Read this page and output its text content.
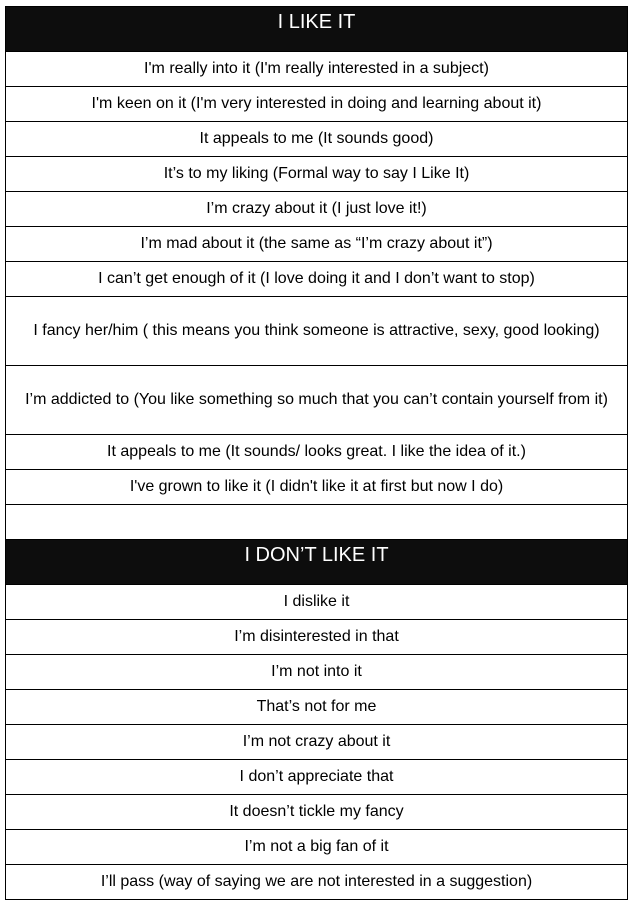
I LIKE IT

I'm really into it (I'm really interested in a subject)
I'm keen on it (I'm very interested in doing and learning about it)
It appeals to me (It sounds good)
It’s to my liking (Formal way to say I Like It)
I’m crazy about it (I just love it!)
I’m mad about it (the same as “I’m crazy about it”)
I can’t get enough of it (I love doing it and I don’t want to stop)
I fancy her/him ( this means you think someone is attractive, sexy, good looking)
I’m addicted to (You like something so much that you can’t contain yourself from it)
It appeals to me (It sounds/ looks great. I like the idea of it.)
I've grown to like it (I didn't like it at first but now I do)

I DON’T LIKE IT

I dislike it
I’m disinterested in that
I’m not into it
That’s not for me
I’m not crazy about it
I don’t appreciate that
It doesn’t tickle my fancy
I’m not a big fan of it
I’ll pass (way of saying we are not interested in a suggestion)
